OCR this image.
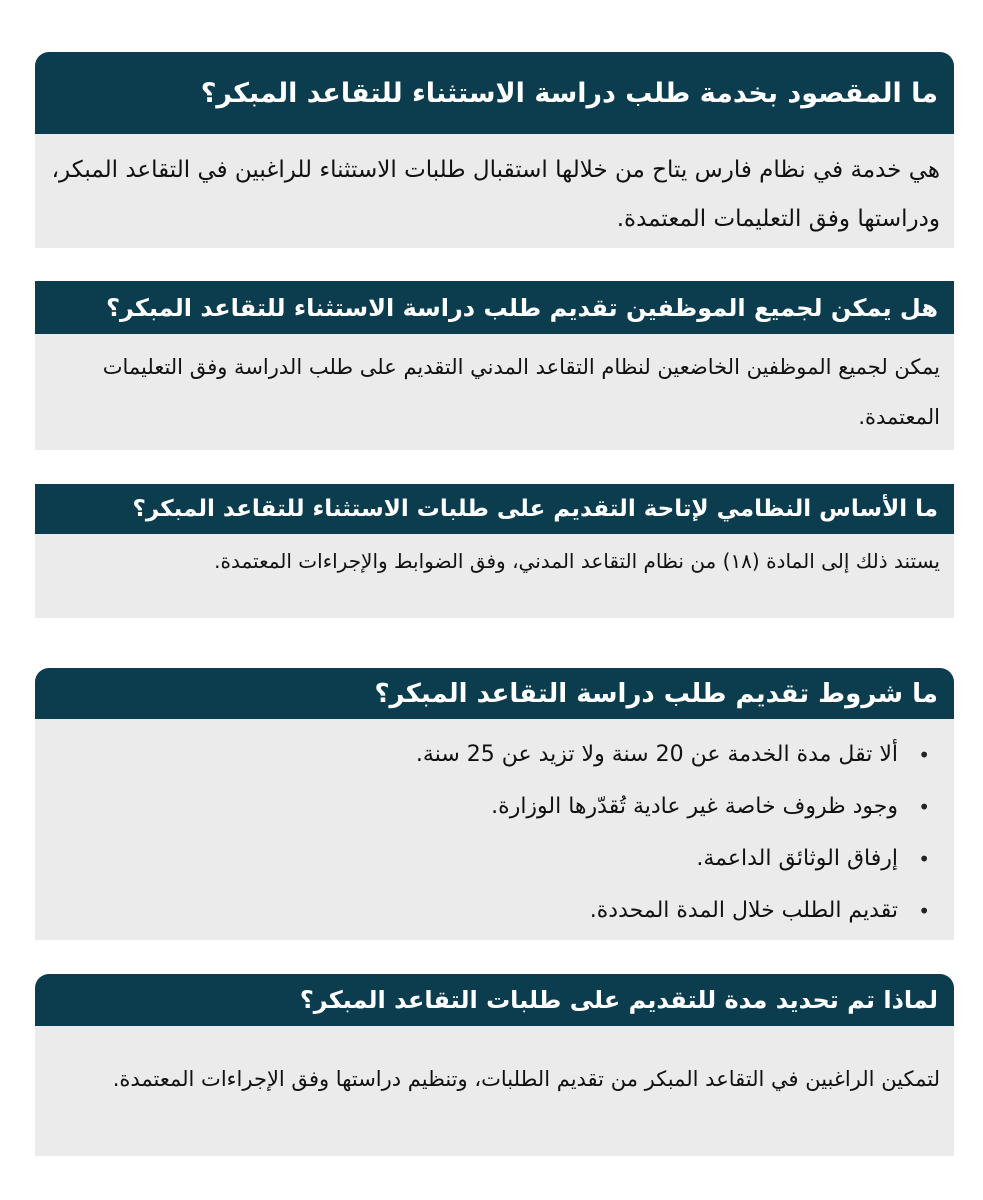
ما المقصود بخدمة طلب دراسة الاستثناء للتقاعد المبكر؟

هي خدمة في نظام فارس يتاح من خلالها استقبال طلبات الاستثناء للراغبين في التقاعد المبكر، ودراستها وفق التعليمات المعتمدة.

هل يمكن لجميع الموظفين تقديم طلب دراسة الاستثناء للتقاعد المبكر؟

يمكن لجميع الموظفين الخاضعين لنظام التقاعد المدني التقديم على طلب الدراسة وفق التعليمات المعتمدة.

ما الأساس النظامي لإتاحة التقديم على طلبات الاستثناء للتقاعد المبكر؟

يستند ذلك إلى المادة (١٨) من نظام التقاعد المدني، وفق الضوابط والإجراءات المعتمدة.

ما شروط تقديم طلب دراسة التقاعد المبكر؟
• ألا تقل مدة الخدمة عن 20 سنة ولا تزيد عن 25 سنة.
• وجود ظروف خاصة غير عادية تُقدّرها الوزارة.
• إرفاق الوثائق الداعمة.
• تقديم الطلب خلال المدة المحددة.
لماذا تم تحديد مدة للتقديم على طلبات التقاعد المبكر؟

لتمكين الراغبين في التقاعد المبكر من تقديم الطلبات، وتنظيم دراستها وفق الإجراءات المعتمدة.
